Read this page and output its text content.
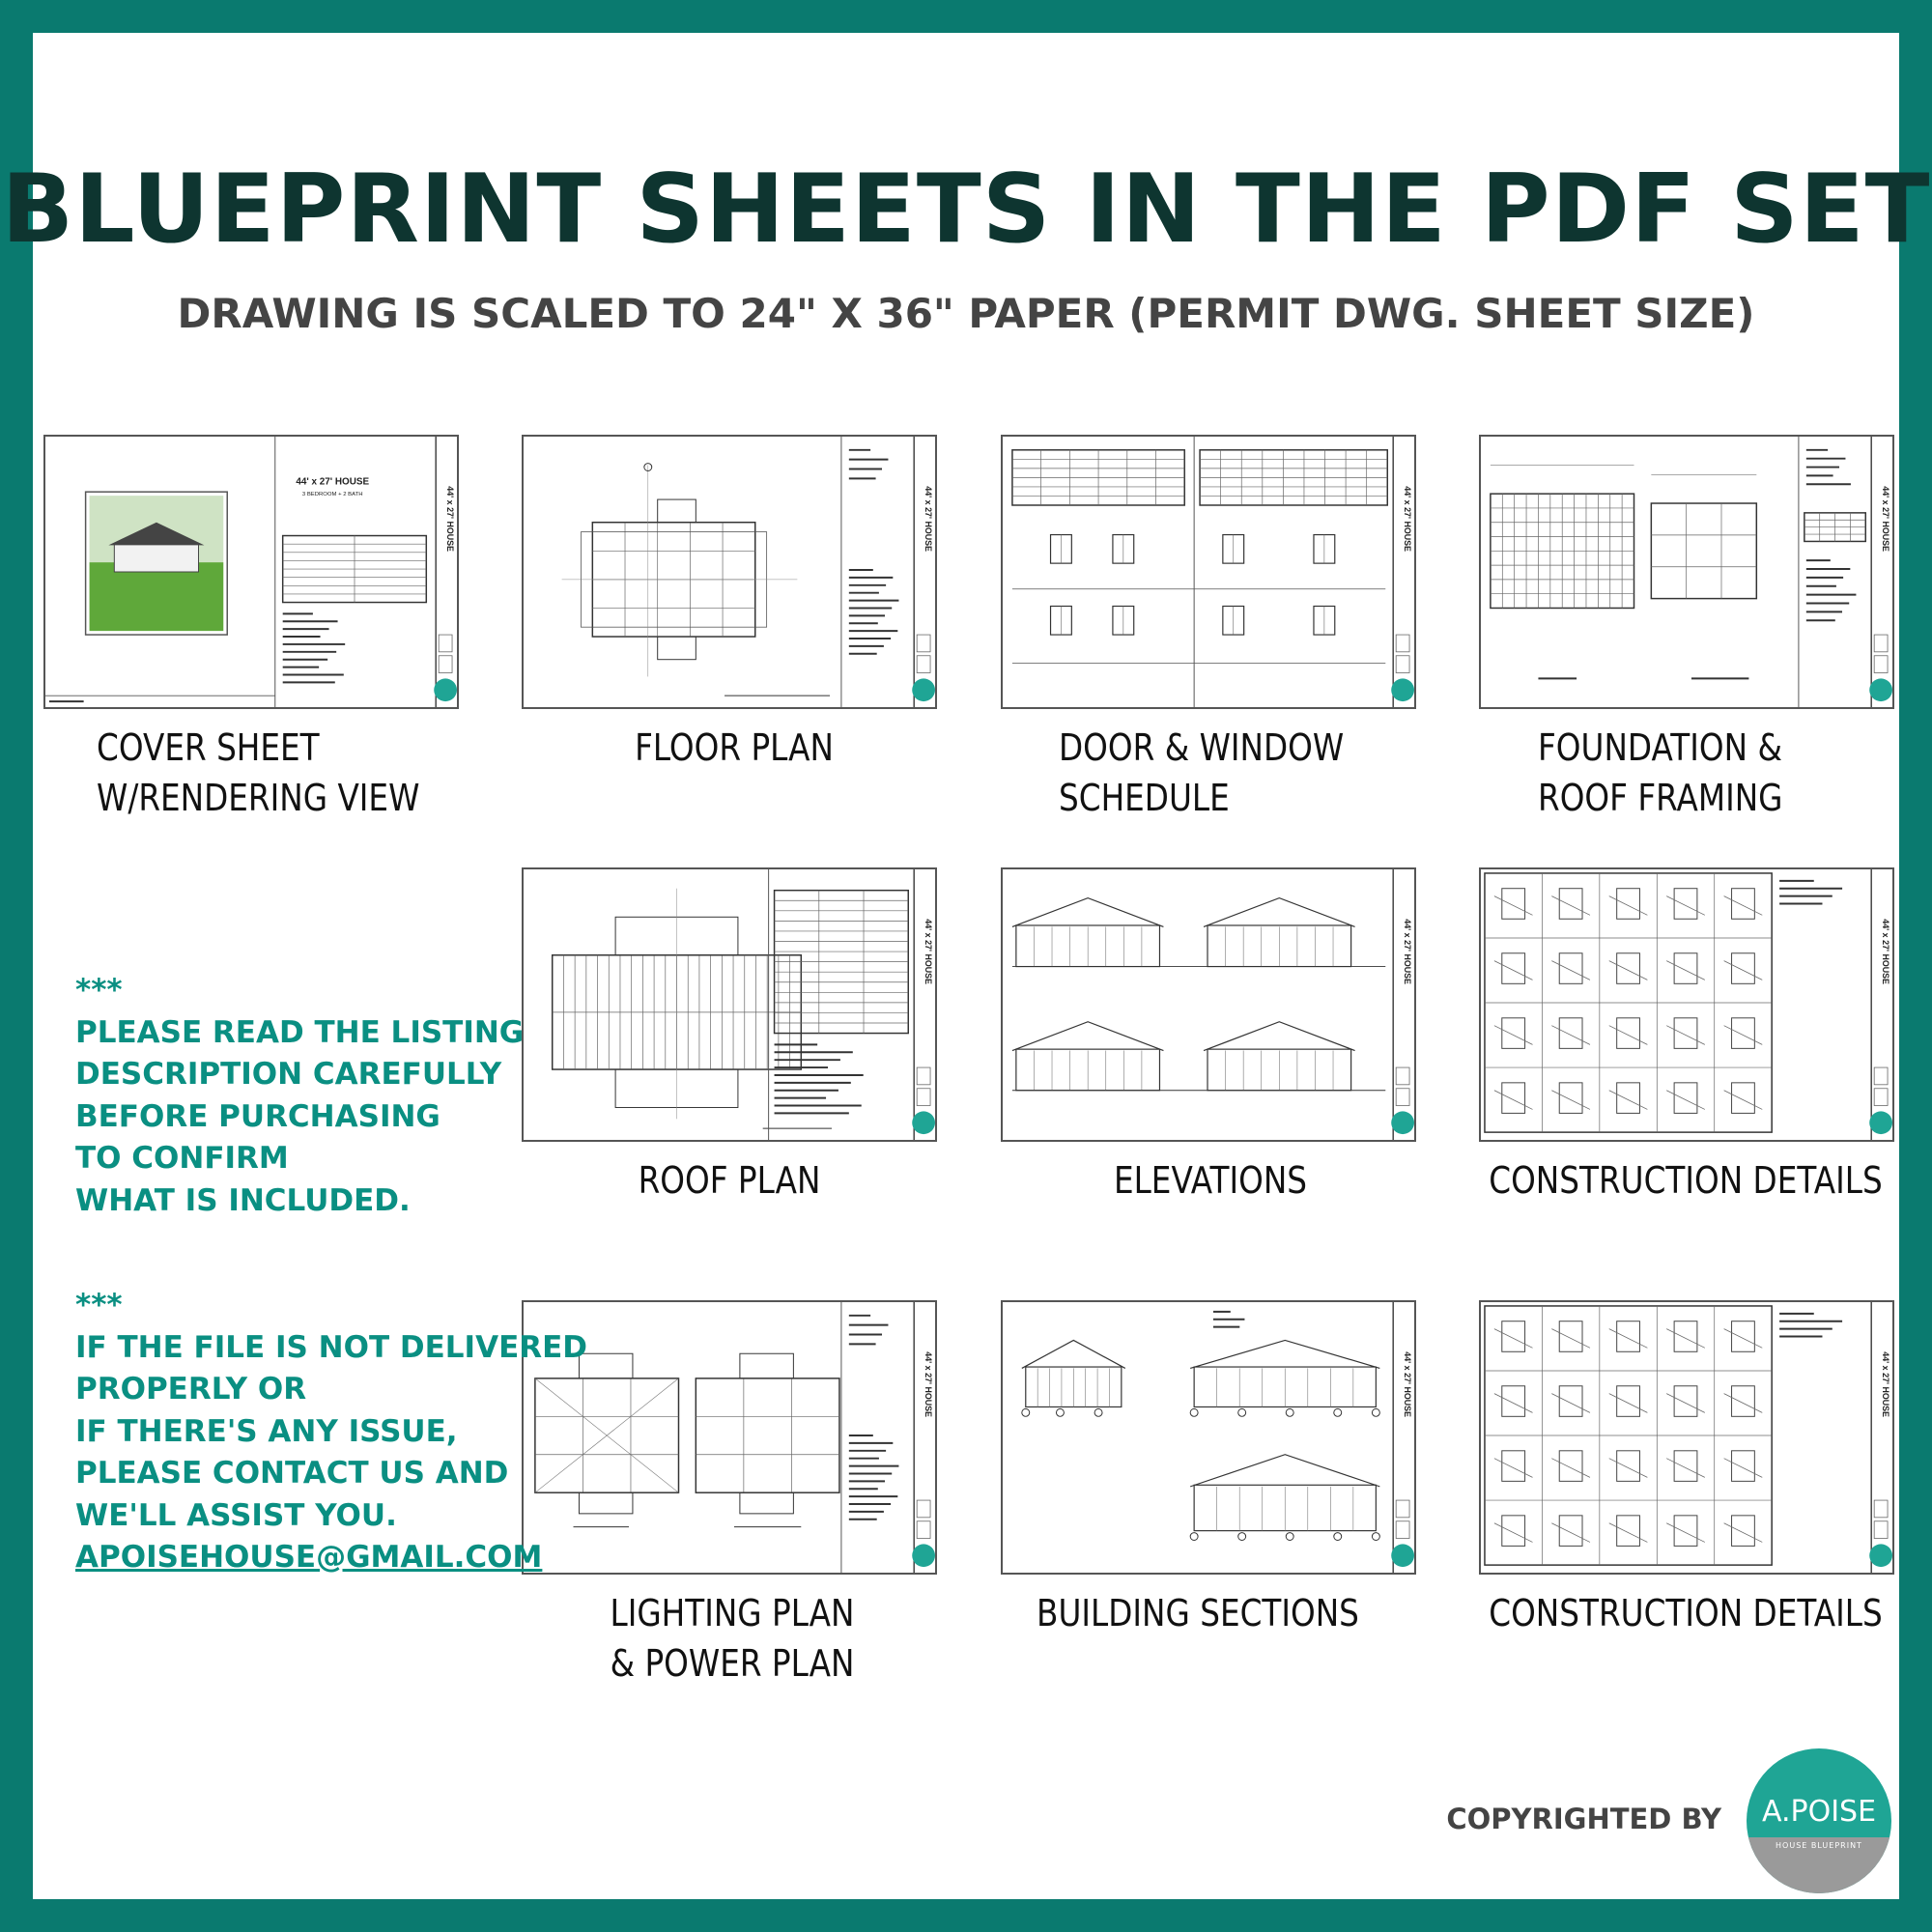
BLUEPRINT SHEETS IN THE PDF SET
DRAWING IS SCALED TO 24" X 36" PAPER (PERMIT DWG. SHEET SIZE)
44' x 27' HOUSE
3 BEDROOM + 2 BATH	44' x 27' HOUSE	44' x 27' HOUSE	44' x 27' HOUSE	44' x 27' HOUSE
COVER SHEET
W/RENDERING VIEW
FLOOR PLAN	DOOR & WINDOW
SCHEDULE
FOUNDATION &
ROOF FRAMING
44' x 27' HOUSE	44' x 27' HOUSE	44' x 27' HOUSE
ROOF PLAN	ELEVATIONS	CONSTRUCTION DETAILS
44' x 27' HOUSE	44' x 27' HOUSE	44' x 27' HOUSE
LIGHTING PLAN
& POWER PLAN
BUILDING SECTIONS	CONSTRUCTION DETAILS
***
PLEASE READ THE LISTING
DESCRIPTION CAREFULLY
BEFORE PURCHASING
TO CONFIRM
WHAT IS INCLUDED.
***
IF THE FILE IS NOT DELIVERED
PROPERLY OR
IF THERE'S ANY ISSUE,
PLEASE CONTACT US AND
WE'LL ASSIST YOU.
APOISEHOUSE@GMAIL.COM
COPYRIGHTED BY	A.POISE
HOUSE BLUEPRINT
